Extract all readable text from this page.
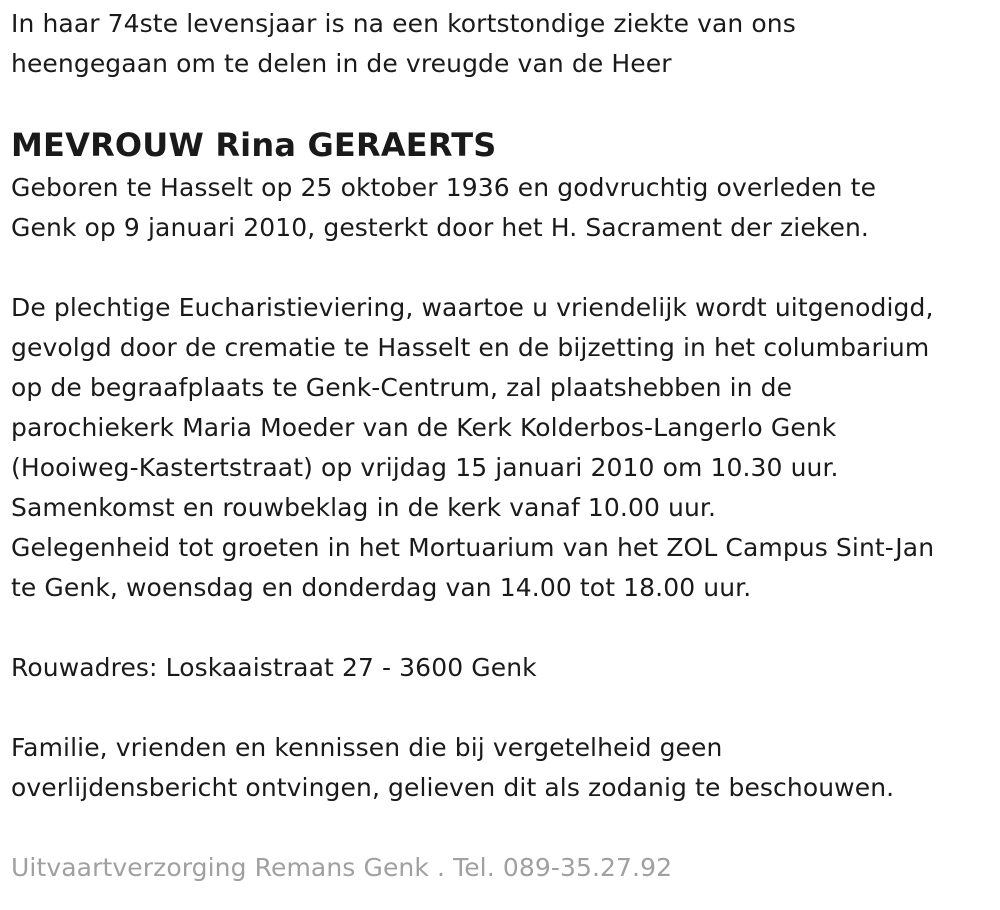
In haar 74ste levensjaar is na een kortstondige ziekte van ons
heengegaan om te delen in de vreugde van de Heer
MEVROUW Rina GERAERTS
Geboren te Hasselt op 25 oktober 1936 en godvruchtig overleden te
Genk op 9 januari 2010, gesterkt door het H. Sacrament der zieken.
De plechtige Eucharistieviering, waartoe u vriendelijk wordt uitgenodigd,
gevolgd door de crematie te Hasselt en de bijzetting in het columbarium
op de begraafplaats te Genk-Centrum, zal plaatshebben in de
parochiekerk Maria Moeder van de Kerk Kolderbos-Langerlo Genk
(Hooiweg-Kastertstraat) op vrijdag 15 januari 2010 om 10.30 uur.
Samenkomst en rouwbeklag in de kerk vanaf 10.00 uur.
Gelegenheid tot groeten in het Mortuarium van het ZOL Campus Sint-Jan
te Genk, woensdag en donderdag van 14.00 tot 18.00 uur.
Rouwadres: Loskaaistraat 27 - 3600 Genk
Familie, vrienden en kennissen die bij vergetelheid geen
overlijdensbericht ontvingen, gelieven dit als zodanig te beschouwen.
Uitvaartverzorging Remans Genk . Tel. 089-35.27.92
